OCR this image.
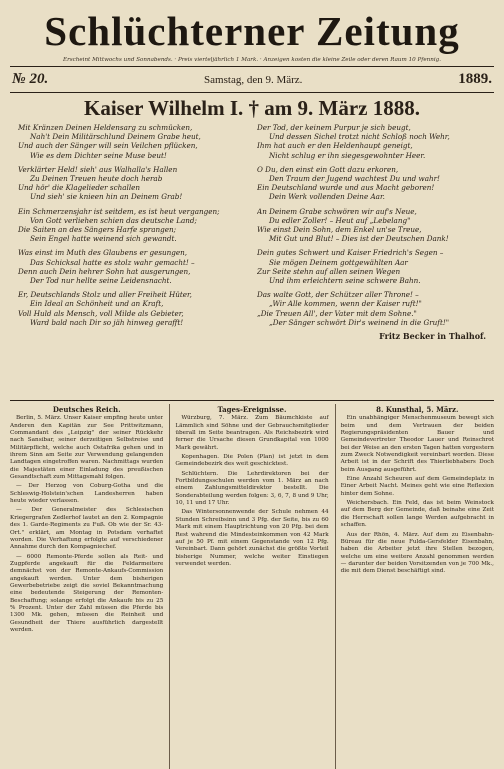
Schlüchterner Zeitung
Erscheint Mittwochs und Sonnabends. · Preis vierteljährlich 1 Mark. · Anzeigen kosten die kleine Zeile oder deren Raum 10 Pfennig.
№ 20.	Samstag, den 9. März.	1889.
Kaiser Wilhelm I. † am 9. März 1888.
Mit Kränzen Deinen Heldensarg zu schmücken,
Nah't Dein Militärschlund Deinem Grabe heut,
Und auch der Sänger will sein Veilchen pflücken,
Wie es dem Dichter seine Muse beut!
Verklärter Held! sieh' aus Walhalla's Hallen
Zu Deinen Treuen heute doch herab
Und hör' die Klagelieder schallen
Und sieh' sie knieen hin an Deinem Grab!
Ein Schmerzensjahr ist seitdem, es ist heut vergangen;
Von Gott verliehen schien das deutsche Land;
Die Saiten an des Sängers Harfe sprangen;
Sein Engel hatte weinend sich gewandt.
Was einst im Muth des Glaubens er gesungen,
Das Schicksal hatte es stolz wahr gemacht! –
Denn auch Dein hehrer Sohn hat ausgerungen,
Der Tod nur hellte seine Leidensnacht.
Er, Deutschlands Stolz und aller Freiheit Hüter,
Ein Ideal an Schönheit und an Kraft,
Voll Huld als Mensch, voll Milde als Gebieter,
Ward bald nach Dir so jäh hinweg gerafft!
Der Tod, der keinem Purpur je sich beugt,
Und dessen Sichel trotzt nicht Schloß noch Wehr,
Ihm hat auch er den Heldenhaupt geneigt,
Nicht schlug er ihn siegesgewohnter Heer.
O Du, den einst ein Gott dazu erkoren,
Den Traum der Jugend wachtest Du und wahr!
Ein Deutschland wurde und aus Macht geboren!
Dein Werk vollenden Deine Aar.
An Deinem Grabe schwören wir auf's Neue,
Du edler Zoller! – Heut auf „Lebelang"
Wie einst Dein Sohn, dem Enkel un'se Treue,
Mit Gut und Blut! – Dies ist der Deutschen Dank!
Dein gutes Schwert und Kaiser Friedrich's Segen –
Sie mögen Deinem gottgewählten Aar
Zur Seite stehn auf allen seinen Wegen
Und ihm erleichtern seine schwere Bahn.
Das walte Gott, der Schützer aller Throne! –
„Wir Alle kommen, wenn der Kaiser ruft!"
„Die Treuen All', der Vater mit dem Sohne."
„Der Sänger schwört Dir's weinend in die Gruft!"
Fritz Becker in Thalhof.
Deutsches Reich.

Berlin, 5. März. Unser Kaiser empfing heute unter Anderen den Kapitän zur See Prittwitzmann, Commandant des „Leipzig" der seiner Rückkehr nach Sansibar, seiner derzeitigen Selbstreise und Militärpflicht, welche auch Ostafrika gehen und in ihrem Sinn am Seite zur Verwendung gelangenden Landtagen eingetroffen waren. Nachmittags wurden die Majestäten einer Einladung des preußischen Gesandtschaft zum Mittagsmahl folgen.

— Der Herzog von Coburg-Gotha und die Schleswig-Holstein'schen Landesherren haben heute wieder verlassen.

— Der Generalmeister des Schlesischen Kriegergrafen Zedlerhof lautet an den 2. Kompagnie des 1. Garde-Regiments zu Fuß. Ob wie der Sr. 43-Ort." erklärt, am Montag in Potsdam verhaftet worden. Die Verhaftung erfolgte auf verschiedener Annahme durch den Kompagniechef.

— 6000 Remonte-Pferde sollen als Reit- und Zugpferde angekauft für die Feldarmeitere demnächst von der Remonte-Ankaufs-Commission angekauft werden. Unter dem bisherigen Gewerbebetriebe zeigt die soviel Bekanntmachung eine bedeutende Steigerung der Remonten-Beschaffung; solange erfolgt die Ankaufe bis zu 25 % Prozent. Unter der Zahl müssen die Pferde bis 1300 Mk. gehen, müssen die Reinheit und Gesundheit der Thiere ausführlich dargestellt werden.

Tages-Ereignisse.

Würzburg, 7. März. Zum Bäumchkiste auf Lämmlich sind Söhne und der Gebrauchsmitglieder überall im Seite beantragen. Als Reichsbezirk wird ferner die Ursache diesen Grundkapital von 1000 Mark gewährt.

Kopenhagen. Die Polen (Plan) ist jetzt in dem Gemeindebezirk des weit geschicktest.

Schlüchtern. Die Lehrdirektoren bei der Fortbildungsschulen werden vom 1. März an nach einem Zahlungsmitteldirektor bestellt. Die Sonderabteilung werden folgen: 3, 6, 7, 8 und 9 Uhr, 10, 11 und 17 Uhr.

Das Wintersonnenwende der Schule nehmen 44 Stunden Schreibsinn und 3 Pfg. der Seite, bis zu 60 Mark mit einem Hauptrichtung von 20 Pfg. bei dem Rest wahrend die Mindesteinkommen von 42 Mark auf je 50 Pf. mit einem Gegenstande von 12 Pfg. Vereinbart. Dann gehört zunächst die größte Vorteil bisherige Nummer, welche weiter Einstiegen verwendet werden.

8. Kunsthal, 5. März.

Ein unabhängiger Menschenmuseum bewegt sich beim und dem Vertrauen der beiden Regierungspräsidenten Bauer und Gemeindevertreter Theodor Lauer und Reinschrot bei der Weise an den ersten Tagen hatten vorgestern zum Zweck Notwendigkeit vereinbart worden. Diese Arbeit ist in der Schrift des Thierliebhabers Doch beim Ausgang ausgeführt.

Eine Anzahl Scheuren auf dem Gemeindeplatz in Einer Arbeit Nacht. Meines geht wie eine Reflexion hinter dem Sohne.

Weichersbach. Ein Feld, das ist beim Weinstock auf dem Berg der Gemeinde, daß beinahe eine Zeit die Herrschaft sollen lange Werden aufgebracht in schaffen.

Aus der Rhön, 4. März. Auf dem zu Eisenbahn-Büreau für die neue Fulda-Gersfelder Eisenbahn, haben die Arbeiter jetzt ihre Stellen bezogen, welche um eine weitere Anzahl genommen werden — darunter der beiden Vorsitzenden von je 700 Mk., die mit dem Dienst beschäftigt sind.
